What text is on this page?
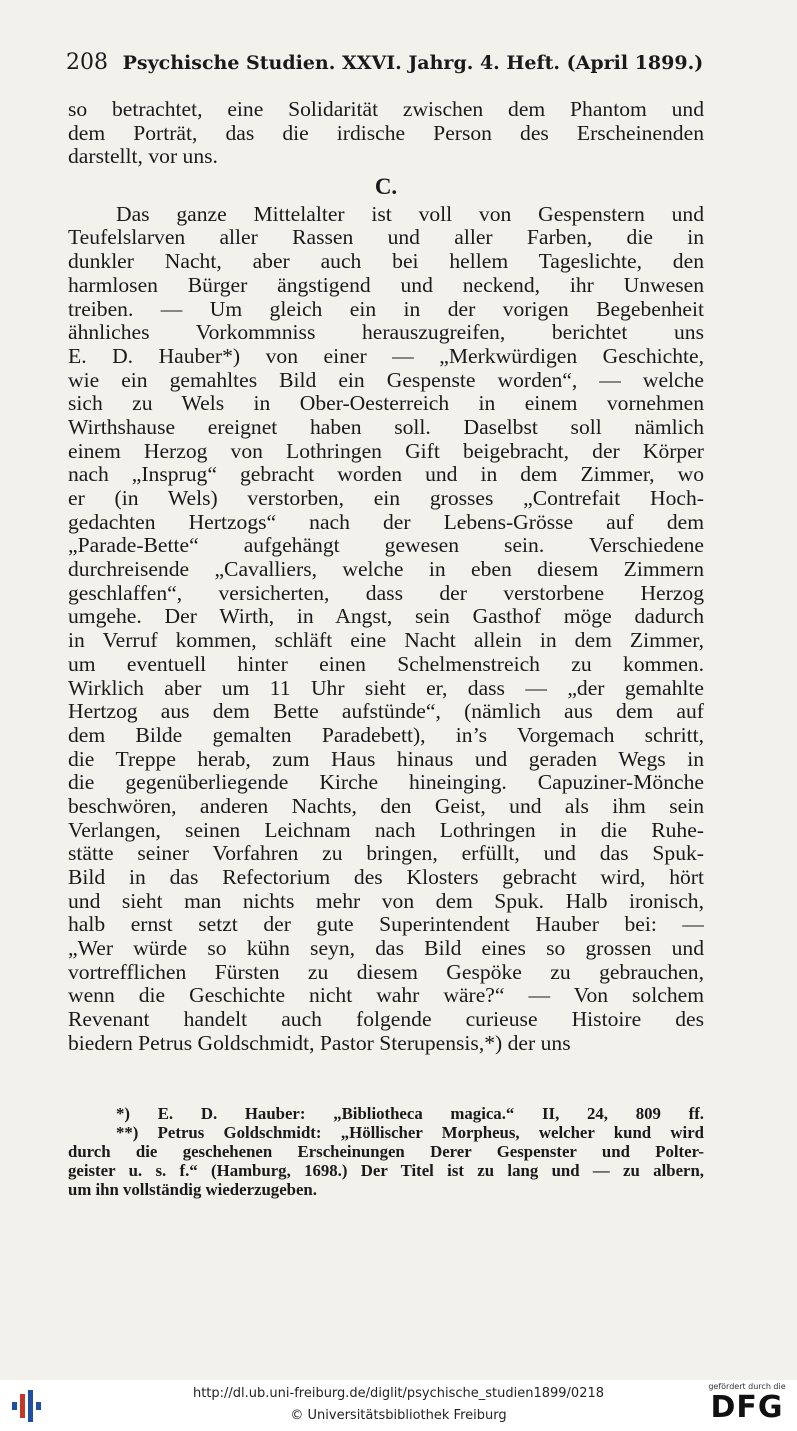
208 Psychische Studien. XXVI. Jahrg. 4. Heft. (April 1899.)
so betrachtet, eine Solidarität zwischen dem Phantom und
dem Porträt, das die irdische Person des Erscheinenden
darstellt, vor uns.
C.
Das ganze Mittelalter ist voll von Gespenstern und
Teufelslarven aller Rassen und aller Farben, die in
dunkler Nacht, aber auch bei hellem Tageslichte, den
harmlosen Bürger ängstigend und neckend, ihr Unwesen
treiben. — Um gleich ein in der vorigen Begebenheit
ähnliches Vorkommniss herauszugreifen, berichtet uns
E. D. Hauber*) von einer — „Merkwürdigen Geschichte,
wie ein gemahltes Bild ein Gespenste worden“, — welche
sich zu Wels in Ober-Oesterreich in einem vornehmen
Wirthshause ereignet haben soll. Daselbst soll nämlich
einem Herzog von Lothringen Gift beigebracht, der Körper
nach „Insprug“ gebracht worden und in dem Zimmer, wo
er (in Wels) verstorben, ein grosses „Contrefait Hoch-
gedachten Hertzogs“ nach der Lebens-Grösse auf dem
„Parade-Bette“ aufgehängt gewesen sein. Verschiedene
durchreisende „Cavalliers, welche in eben diesem Zimmern
geschlaffen“, versicherten, dass der verstorbene Herzog
umgehe. Der Wirth, in Angst, sein Gasthof möge dadurch
in Verruf kommen, schläft eine Nacht allein in dem Zimmer,
um eventuell hinter einen Schelmenstreich zu kommen.
Wirklich aber um 11 Uhr sieht er, dass — „der gemahlte
Hertzog aus dem Bette aufstünde“, (nämlich aus dem auf
dem Bilde gemalten Paradebett), in’s Vorgemach schritt,
die Treppe herab, zum Haus hinaus und geraden Wegs in
die gegenüberliegende Kirche hineinging. Capuziner-Mönche
beschwören, anderen Nachts, den Geist, und als ihm sein
Verlangen, seinen Leichnam nach Lothringen in die Ruhe-
stätte seiner Vorfahren zu bringen, erfüllt, und das Spuk-
Bild in das Refectorium des Klosters gebracht wird, hört
und sieht man nichts mehr von dem Spuk. Halb ironisch,
halb ernst setzt der gute Superintendent Hauber bei: —
„Wer würde so kühn seyn, das Bild eines so grossen und
vortrefflichen Fürsten zu diesem Gespöke zu gebrauchen,
wenn die Geschichte nicht wahr wäre?“ — Von solchem
Revenant handelt auch folgende curieuse Histoire des
biedern Petrus Goldschmidt, Pastor Sterupensis,*) der uns
*) E. D. Hauber: „Bibliotheca magica.“ II, 24, 809 ff.
**) Petrus Goldschmidt: „Höllischer Morpheus, welcher kund wird
durch die geschehenen Erscheinungen Derer Gespenster und Polter-
geister u. s. f.“ (Hamburg, 1698.) Der Titel ist zu lang und — zu albern,
um ihn vollständig wiederzugeben.
http://dl.ub.uni-freiburg.de/diglit/psychische_studien1899/0218
© Universitätsbibliothek Freiburg
gefördert durch die
DFG
